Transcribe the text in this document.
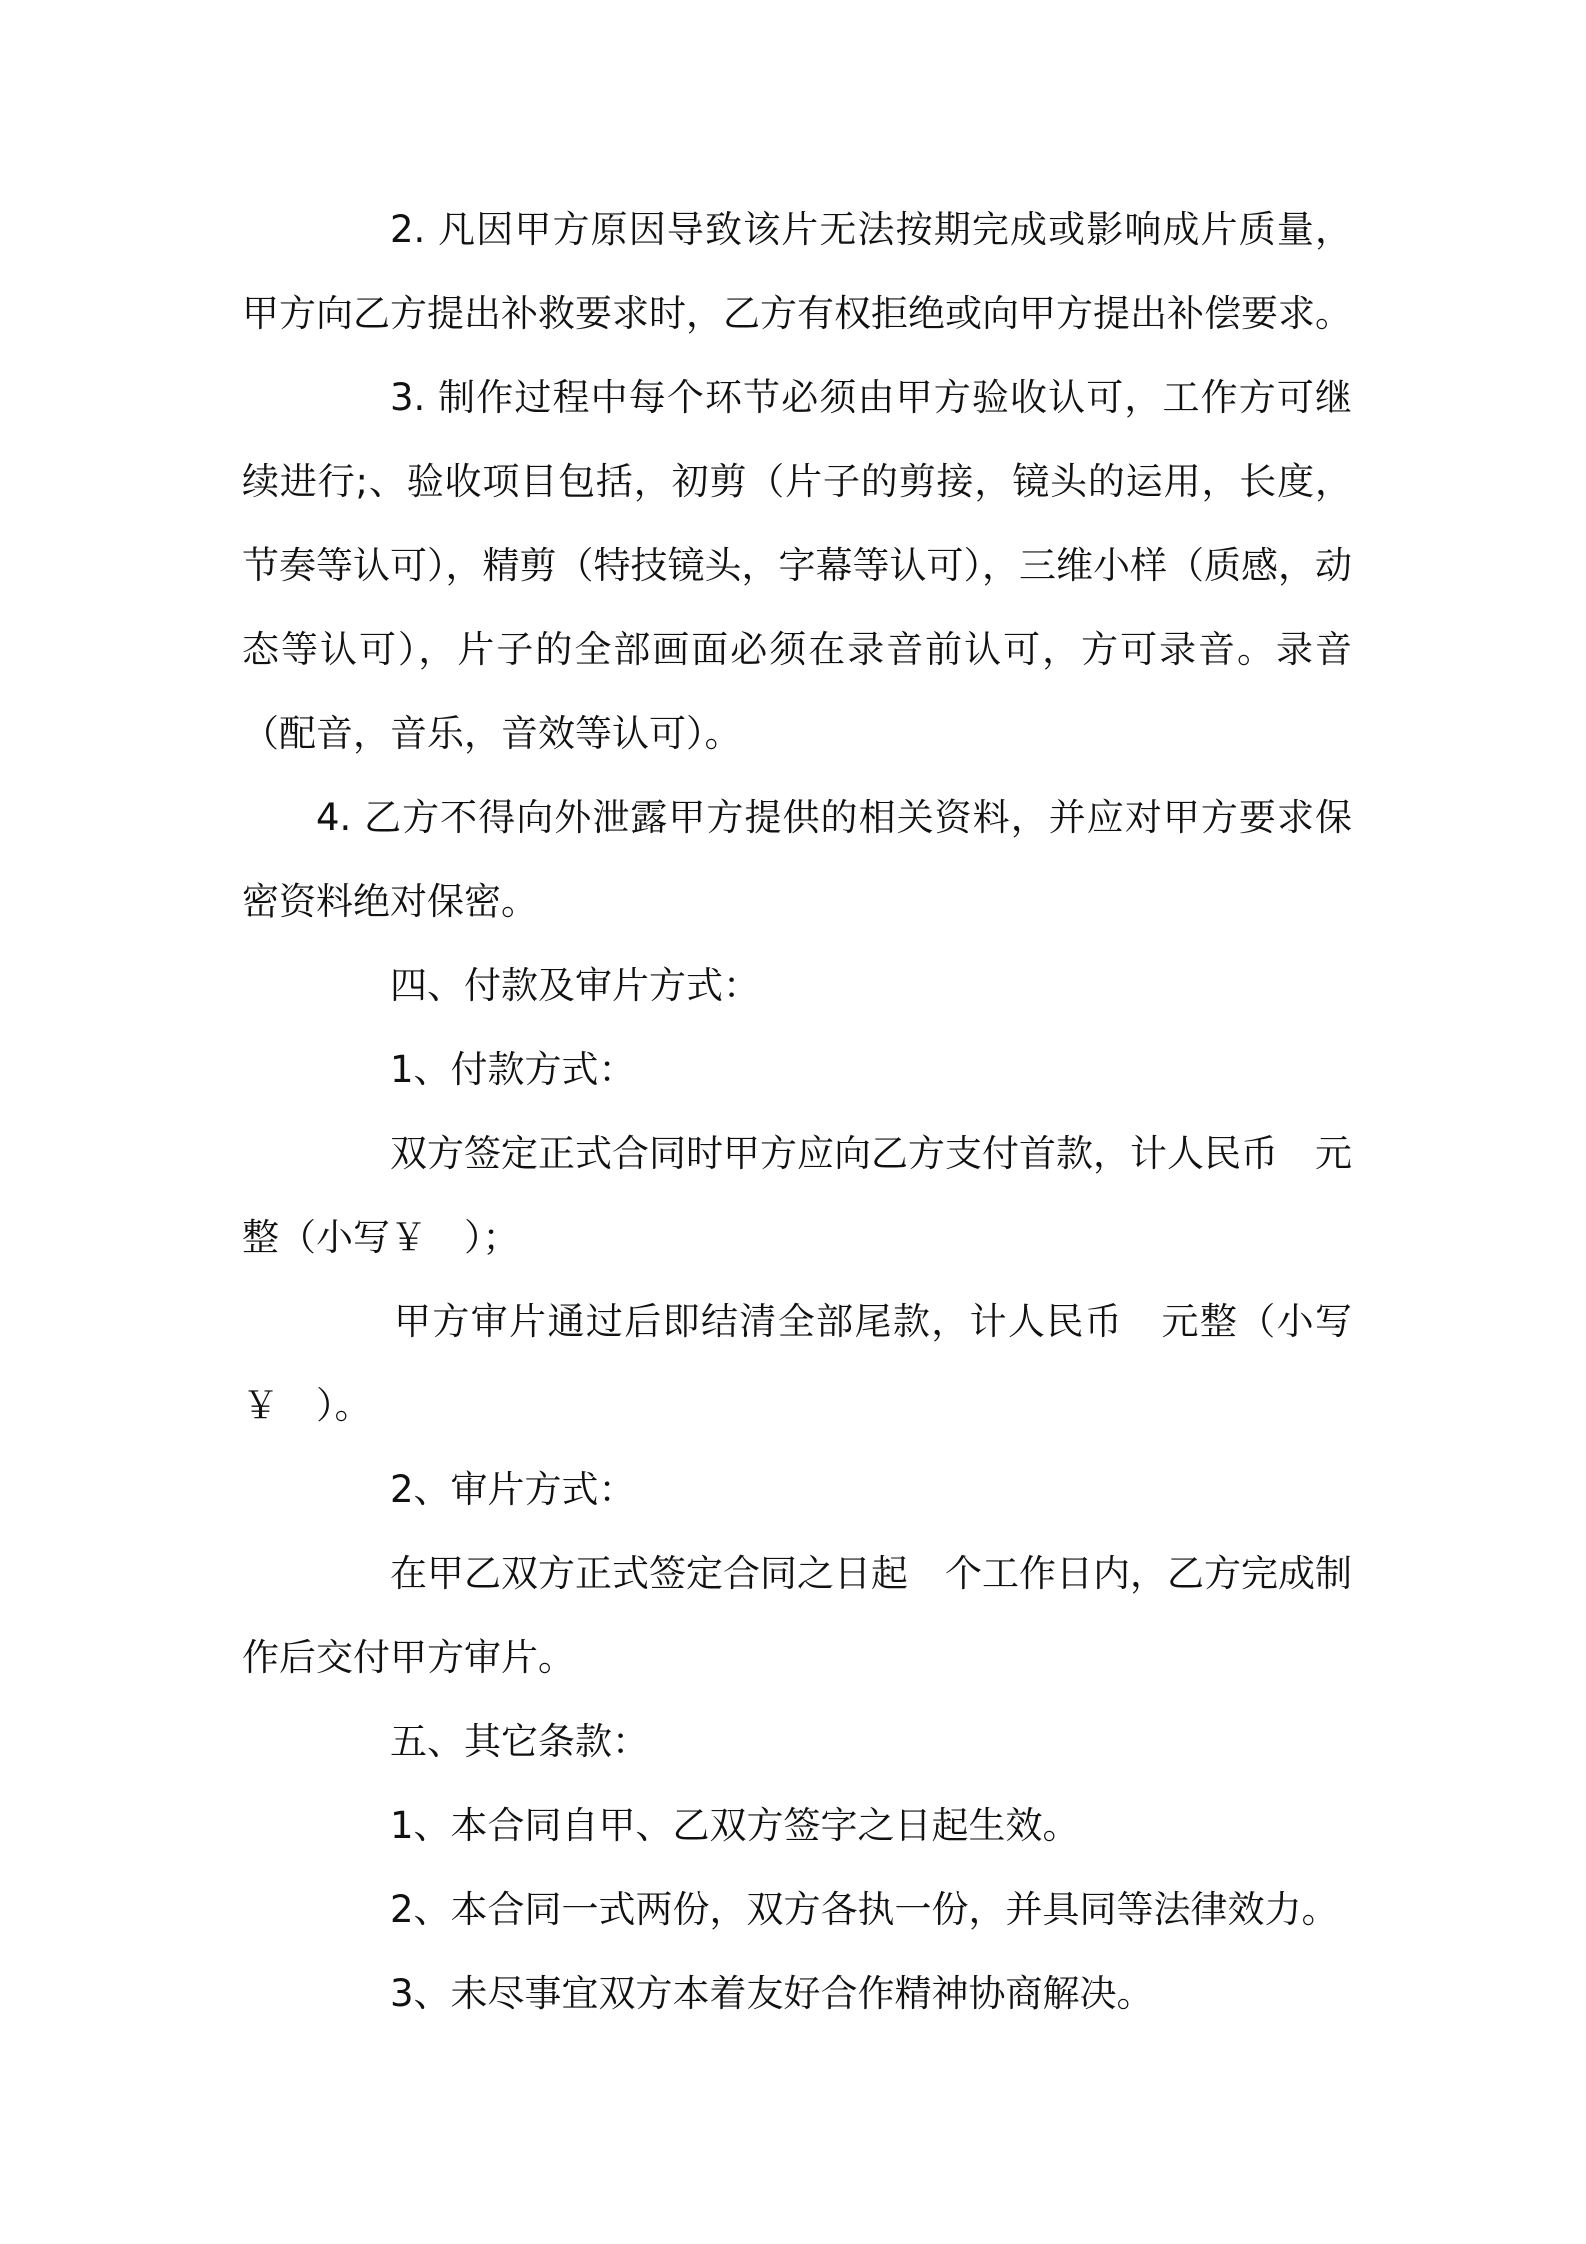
2. 凡因甲方原因导致该片无法按期完成或影响成片质量，甲方向乙方提出补救要求时，乙方有权拒绝或向甲方提出补偿要求。

3. 制作过程中每个环节必须由甲方验收认可，工作方可继续进行;、验收项目包括，初剪（片子的剪接，镜头的运用，长度，节奏等认可），精剪（特技镜头，字幕等认可），三维小样（质感，动态等认可），片子的全部画面必须在录音前认可，方可录音。录音（配音，音乐，音效等认可）。

4. 乙方不得向外泄露甲方提供的相关资料，并应对甲方要求保密资料绝对保密。

四、付款及审片方式：

1、付款方式：

双方签定正式合同时甲方应向乙方支付首款，计人民币　元整（小写￥　）；

甲方审片通过后即结清全部尾款，计人民币　元整（小写￥　）。

2、审片方式：

在甲乙双方正式签定合同之日起　个工作日内，乙方完成制作后交付甲方审片。

五、其它条款：

1、本合同自甲、乙双方签字之日起生效。

2、本合同一式两份，双方各执一份，并具同等法律效力。

3、未尽事宜双方本着友好合作精神协商解决。
